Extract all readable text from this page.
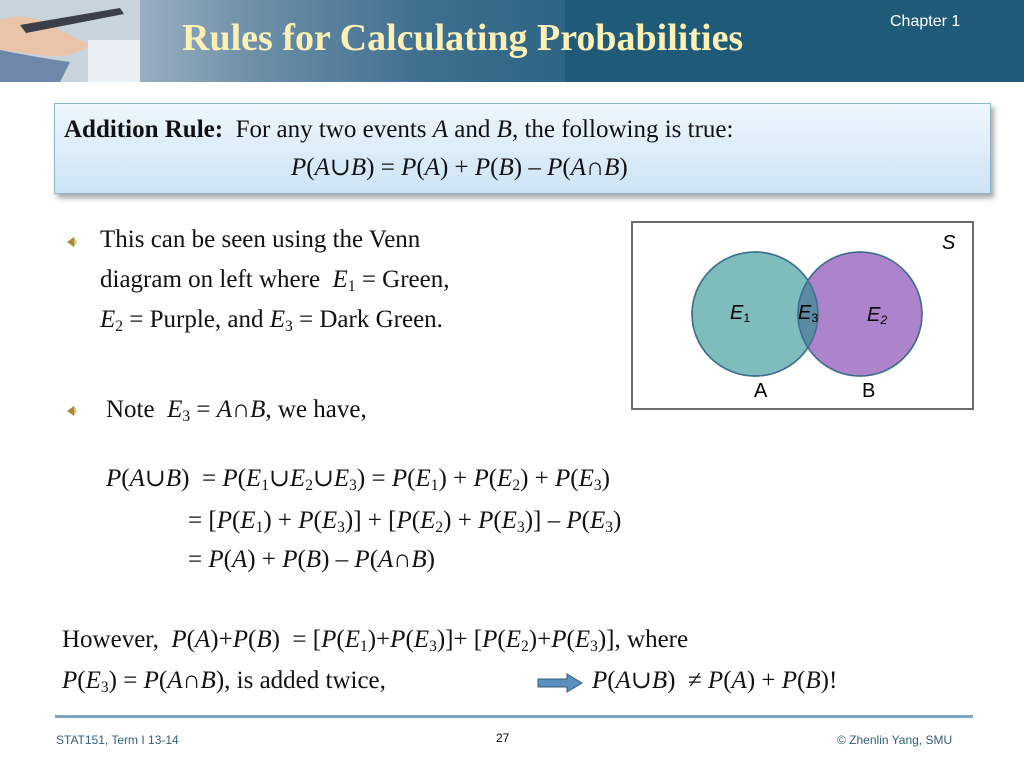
Rules for Calculating Probabilities	Chapter 1
Addition Rule: For any two events A and B, the following is true:
P(A∪B) = P(A) + P(B) – P(A∩B)
This can be seen using the Venn
diagram on left where $E_1$ = Green,
$E_2$ = Purple, and $E_3$ = Dark Green.
S
$E_1$ $E_3$ E2
A	B
Note  $E_3$ = A∩B, we have,
P(A∪B)  = $P(E_1\cup E_2\cup E_3) = P(E_1) + P(E_2) + P(E_3)$
= $[P(E_1) + P(E_3)] + [P(E_2) + P(E_3)] - P(E_3)$
= P(A) + P(B) – P(A∩B)
However,  $P(A)+P(B) = [P(E_1)+P(E_3)]+ [P(E_2)+P(E_3)]$, where
$P(E_3)$ = P(A∩B), is added twice,	P(A∪B)  ≠ P(A) + P(B)!
STAT151, Term I 13-14	27	© Zhenlin Yang, SMU
